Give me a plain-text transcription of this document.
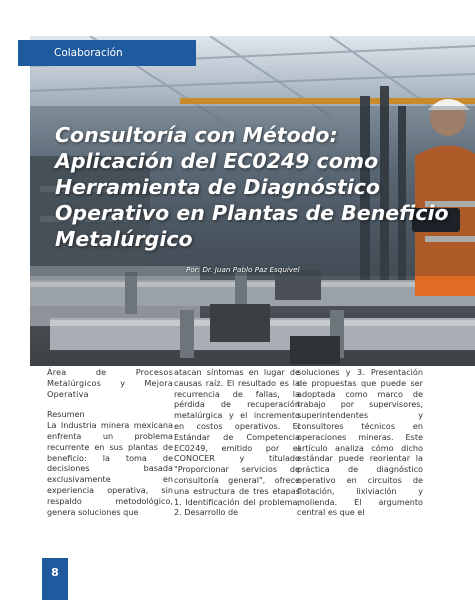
Colaboración
Consultoría con Método: Aplicación del EC0249 como Herramienta de Diagnóstico Operativo en Plantas de Beneficio Metalúrgico
Por: Dr. Juan Pablo Paz Esquivel

Área de Procesos Metalúrgicos y Mejora Operativa

Resumen

La Industria minera mexicana enfrenta un problema recurrente en sus plantas de beneficio: la toma de decisiones basada exclusivamente en experiencia operativa, sin respaldo metodológico, genera soluciones que

atacan síntomas en lugar de causas raíz. El resultado es la recurrencia de fallas, la pérdida de recuperación metalúrgica y el incremento en costos operativos. El Estándar de Competencia EC0249, emitido por el CONOCER y titulado "Proporcionar servicios de consultoría general", ofrece una estructura de tres etapas 1. Identificación del problema, 2. Desarrollo de

soluciones y 3. Presentación de propuestas que puede ser adoptada como marco de trabajo por supervisores, superintendentes y consultores técnicos en operaciones mineras. Este artículo analiza cómo dicho estándar puede reorientar la práctica de diagnóstico operativo en circuitos de flotación, lixiviación y molienda. El argumento central es que el

8
